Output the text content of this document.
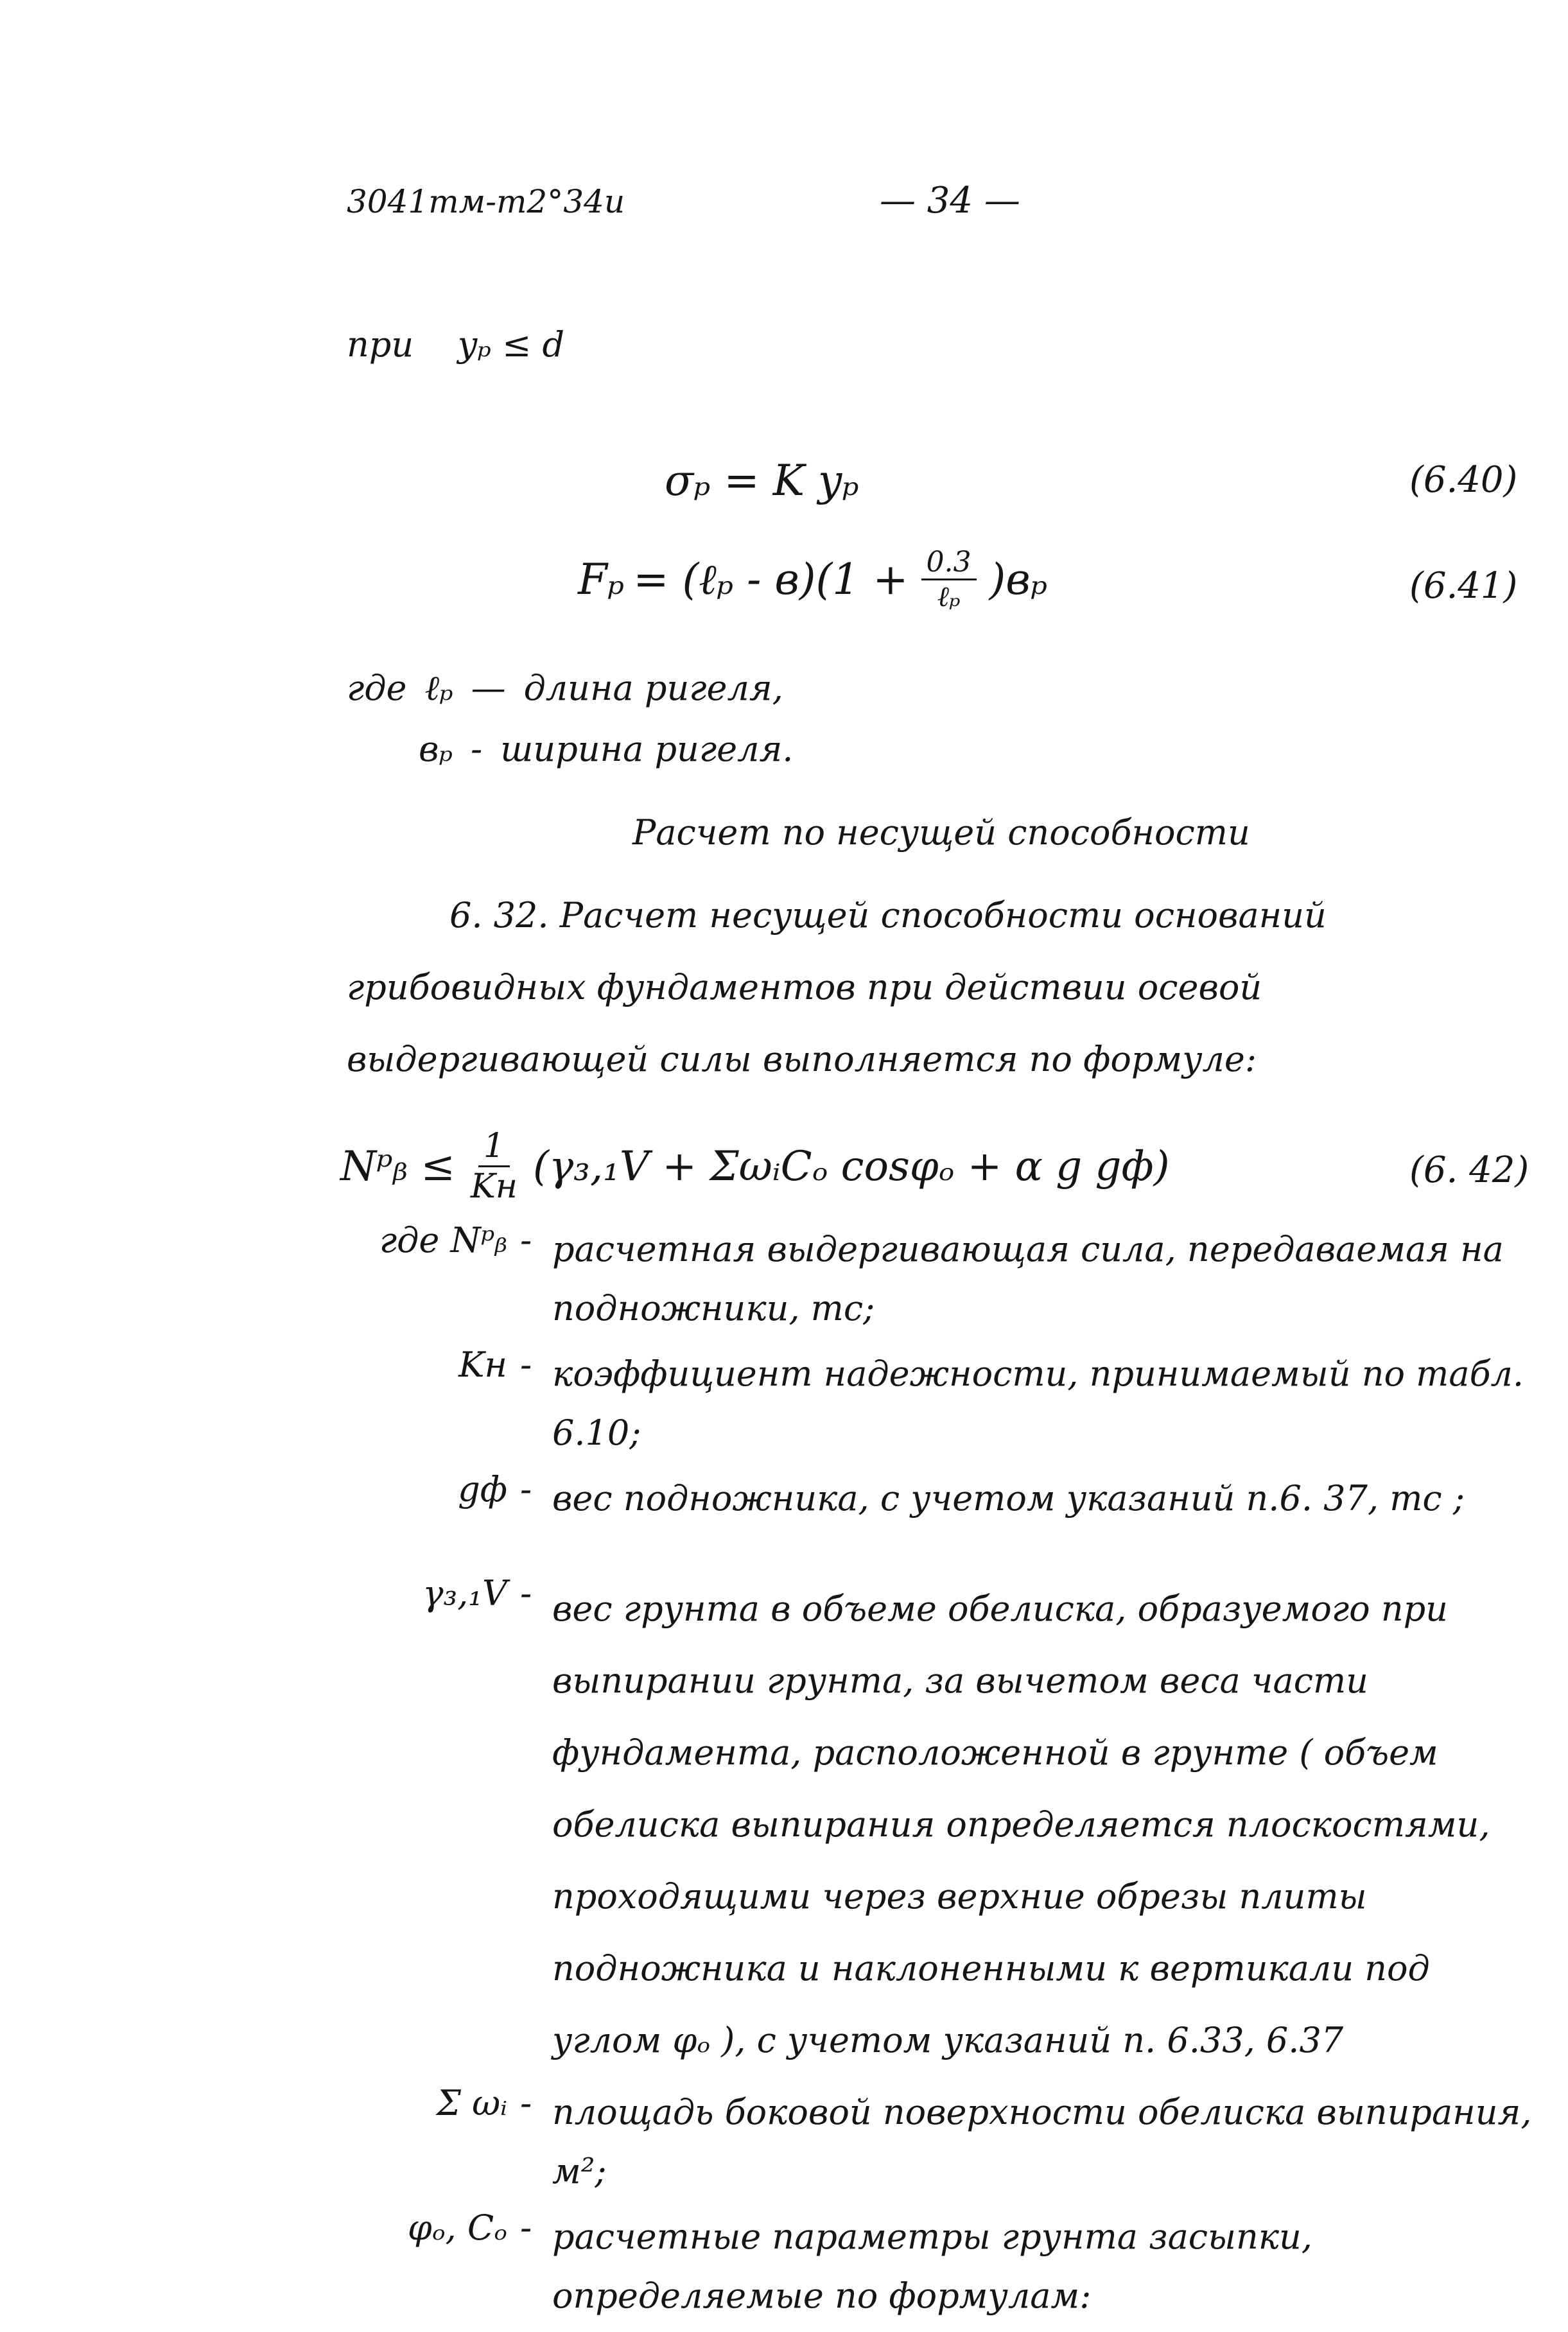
3041тм-т2°34и	— 34 —
при yₚ ≤ d
σₚ = K yₚ	(6.40)
Fₚ = (ℓₚ - $в)(1 + \frac{0.3}{\text{ℓₚ}} )в_p$	(6.41)
где ℓₚ — длина ригеля,
вₚ - ширина ригеля.
Расчет по несущей способности

6. 32. Расчет несущей способности оснований грибовидных фундаментов при действии осевой выдергивающей силы выполняется по формуле:

Nᵖᵦ ≤ $\frac{1}{Kн} (\gamma_3,_1V$ + ΣωᵢCₒ cosφₒ + α g gф)	(6. 42)
где Nᵖᵦ - расчетная выдергивающая сила, передаваемая на подножники, тс;
Kн - коэффициент надежности, принимаемый по табл. 6.10;
gф - вес подножника, с учетом указаний п.6. 37, тс ;
γ₃,₁V - вес грунта в объеме обелиска, образуемого при выпирании грунта, за вычетом веса части фундамента, расположенной в грунте ( объем обелиска выпирания определяется плоскостями, проходящими через верхние обрезы плиты подножника и наклоненными к вертикали под углом φₒ ), с учетом указаний п. 6.33, 6.37
Σ ωᵢ - площадь боковой поверхности обелиска выпирания, м²;
φₒ, Cₒ - расчетные параметры грунта засыпки, определяемые по формулам:
